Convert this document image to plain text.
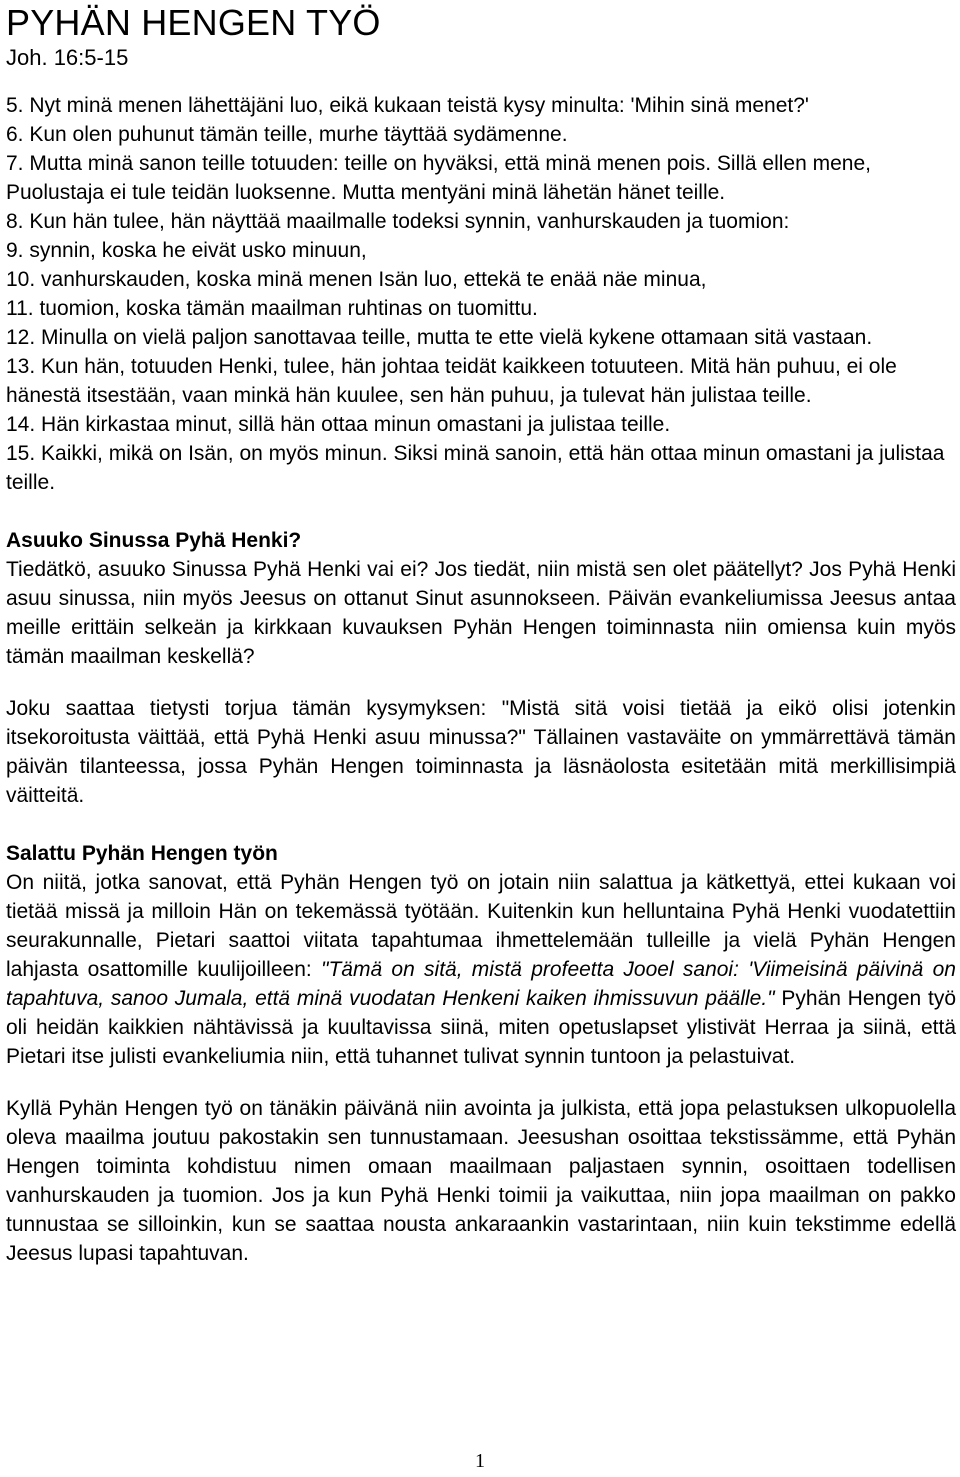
PYHÄN HENGEN TYÖ
Joh. 16:5-15

5. Nyt minä menen lähettäjäni luo, eikä kukaan teistä kysy minulta: 'Mihin sinä menet?'

6. Kun olen puhunut tämän teille, murhe täyttää sydämenne.

7. Mutta minä sanon teille totuuden: teille on hyväksi, että minä menen pois. Sillä ellen mene, Puolustaja ei tule teidän luoksenne. Mutta mentyäni minä lähetän hänet teille.

8. Kun hän tulee, hän näyttää maailmalle todeksi synnin, vanhurskauden ja tuomion:

9. synnin, koska he eivät usko minuun,

10. vanhurskauden, koska minä menen Isän luo, ettekä te enää näe minua,

11. tuomion, koska tämän maailman ruhtinas on tuomittu.

12. Minulla on vielä paljon sanottavaa teille, mutta te ette vielä kykene ottamaan sitä vastaan.

13. Kun hän, totuuden Henki, tulee, hän johtaa teidät kaikkeen totuuteen. Mitä hän puhuu, ei ole hänestä itsestään, vaan minkä hän kuulee, sen hän puhuu, ja tulevat hän julistaa teille.

14. Hän kirkastaa minut, sillä hän ottaa minun omastani ja julistaa teille.

15. Kaikki, mikä on Isän, on myös minun. Siksi minä sanoin, että hän ottaa minun omastani ja julistaa teille.

Asuuko Sinussa Pyhä Henki?

Tiedätkö, asuuko Sinussa Pyhä Henki vai ei? Jos tiedät, niin mistä sen olet päätellyt? Jos Pyhä Henki asuu sinussa, niin myös Jeesus on ottanut Sinut asunnokseen. Päivän evankeliumissa Jeesus antaa meille erittäin selkeän ja kirkkaan kuvauksen Pyhän Hengen toiminnasta niin omiensa kuin myös tämän maailman keskellä?

Joku saattaa tietysti torjua tämän kysymyksen: "Mistä sitä voisi tietää ja eikö olisi jotenkin itsekoroitusta väittää, että Pyhä Henki asuu minussa?" Tällainen vastaväite on ymmärrettävä tämän päivän tilanteessa, jossa Pyhän Hengen toiminnasta ja läsnäolosta esitetään mitä merkillisimpiä väitteitä.

Salattu Pyhän Hengen työn

On niitä, jotka sanovat, että Pyhän Hengen työ on jotain niin salattua ja kätkettyä, ettei kukaan voi tietää missä ja milloin Hän on tekemässä työtään. Kuitenkin kun helluntaina Pyhä Henki vuodatettiin seurakunnalle, Pietari saattoi viitata tapahtumaa ihmettelemään tulleille ja vielä Pyhän Hengen lahjasta osattomille kuulijoilleen: "Tämä on sitä, mistä profeetta Jooel sanoi: 'Viimeisinä päivinä on tapahtuva, sanoo Jumala, että minä vuodatan Henkeni kaiken ihmissuvun päälle." Pyhän Hengen työ oli heidän kaikkien nähtävissä ja kuultavissa siinä, miten opetuslapset ylistivät Herraa ja siinä, että Pietari itse julisti evankeliumia niin, että tuhannet tulivat synnin tuntoon ja pelastuivat.

Kyllä Pyhän Hengen työ on tänäkin päivänä niin avointa ja julkista, että jopa pelastuksen ulkopuolella oleva maailma joutuu pakostakin sen tunnustamaan. Jeesushan osoittaa tekstissämme, että Pyhän Hengen toiminta kohdistuu nimen omaan maailmaan paljastaen synnin, osoittaen todellisen vanhurskauden ja tuomion. Jos ja kun Pyhä Henki toimii ja vaikuttaa, niin jopa maailman on pakko tunnustaa se silloinkin, kun se saattaa nousta ankaraankin vastarintaan, niin kuin tekstimme edellä Jeesus lupasi tapahtuvan.

1
